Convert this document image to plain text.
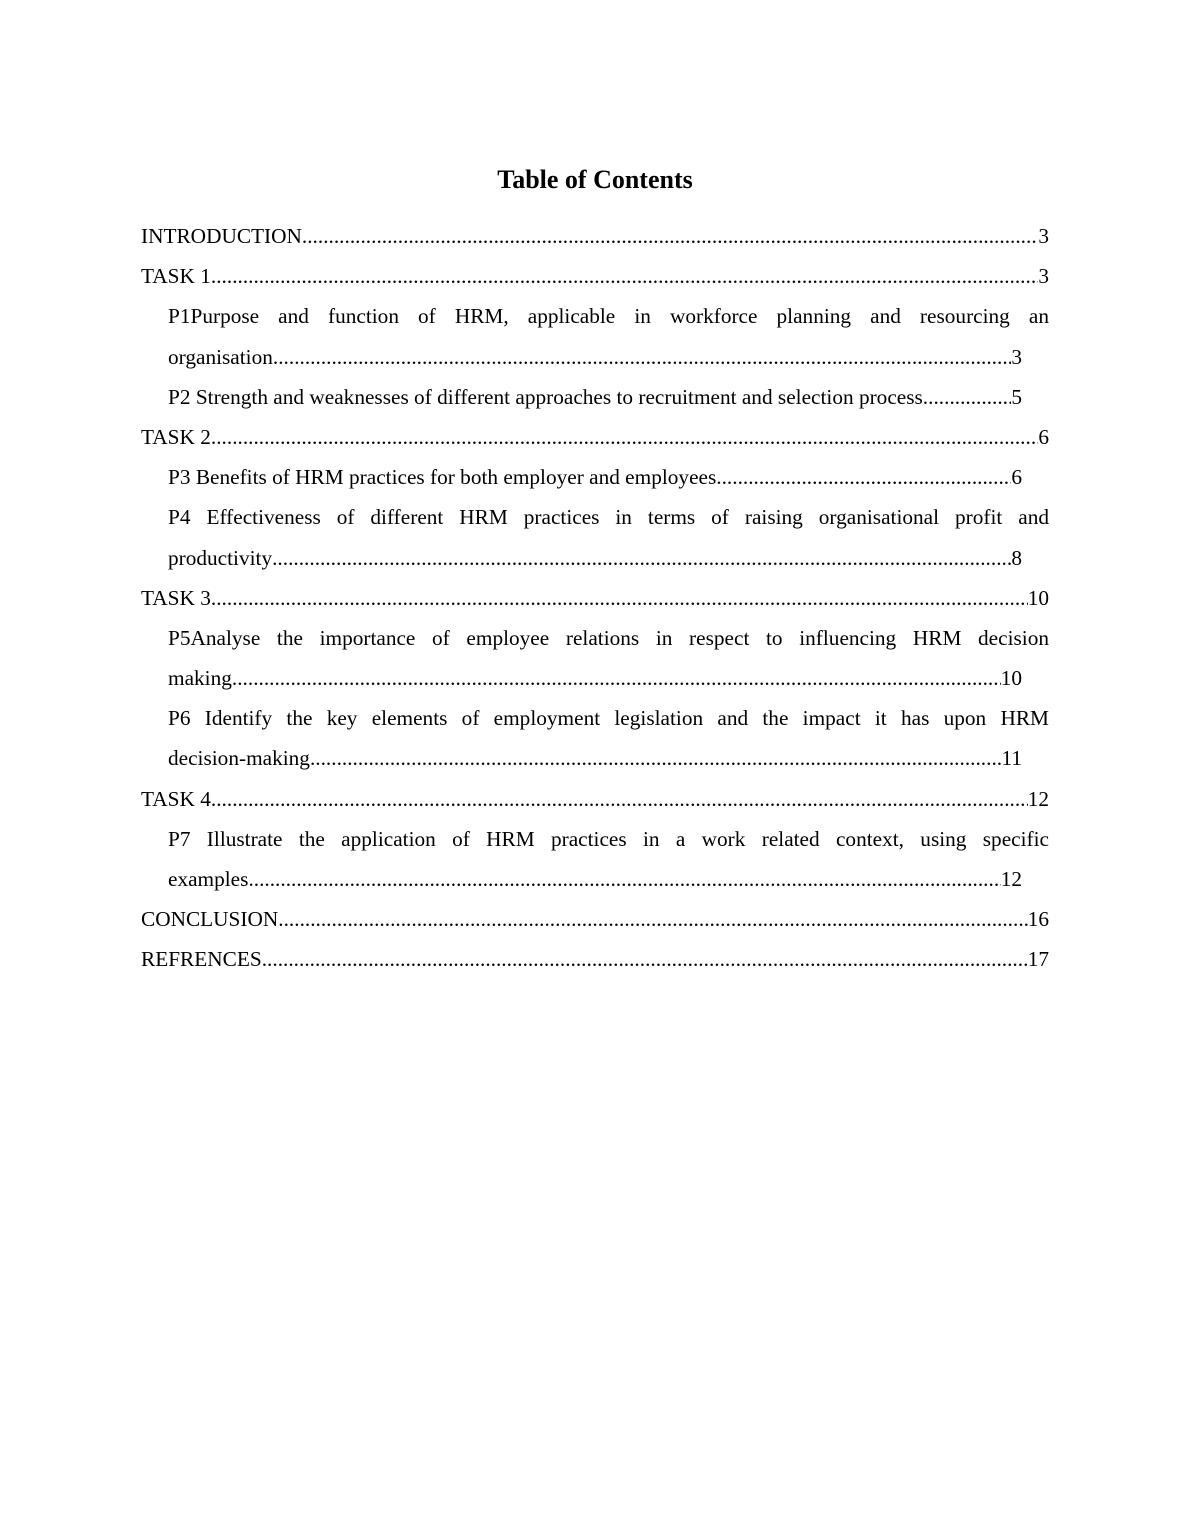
Table of Contents
INTRODUCTION .....	3
TASK 1 .....	3
P1Purpose and function of HRM, applicable in workforce planning and resourcing an
organisation .....	3
P2 Strength and weaknesses of different approaches to recruitment and selection process. .....	5
TASK 2 .....	6
P3 Benefits of HRM practices for both employer and employees .....	6
P4 Effectiveness of different HRM practices in terms of raising organisational profit and
productivity .....	8
TASK 3 .....	10
P5Analyse the importance of employee relations in respect to influencing HRM decision
making .....	10
P6 Identify the key elements of employment legislation and the impact it has upon HRM
decision-making .....	11
TASK 4 .....	12
P7 Illustrate the application of HRM practices in a work related context, using specific
examples .....	12
CONCLUSION .....	16
REFRENCES .....	17
